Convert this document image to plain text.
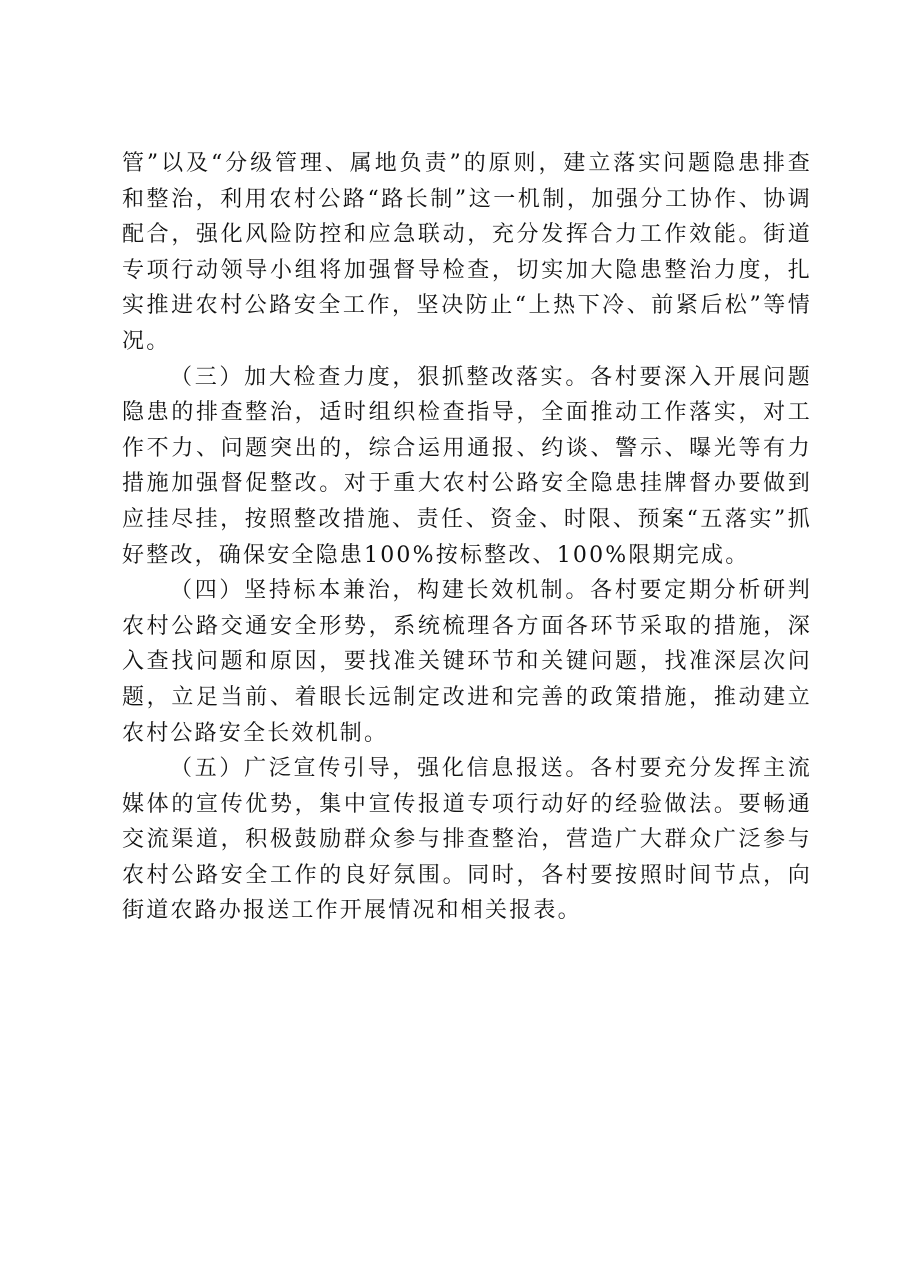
管”以及“分级管理、属地负责”的原则，建立落实问题隐患排查和整治，利用农村公路“路长制”这一机制，加强分工协作、协调配合，强化风险防控和应急联动，充分发挥合力工作效能。街道专项行动领导小组将加强督导检查，切实加大隐患整治力度，扎实推进农村公路安全工作，坚决防止“上热下冷、前紧后松”等情况。

（三）加大检查力度，狠抓整改落实。各村要深入开展问题隐患的排查整治，适时组织检查指导，全面推动工作落实，对工作不力、问题突出的，综合运用通报、约谈、警示、曝光等有力措施加强督促整改。对于重大农村公路安全隐患挂牌督办要做到应挂尽挂，按照整改措施、责任、资金、时限、预案“五落实”抓好整改，确保安全隐患100%按标整改、100%限期完成。

（四）坚持标本兼治，构建长效机制。各村要定期分析研判农村公路交通安全形势，系统梳理各方面各环节采取的措施，深入查找问题和原因，要找准关键环节和关键问题，找准深层次问题，立足当前、着眼长远制定改进和完善的政策措施，推动建立农村公路安全长效机制。

（五）广泛宣传引导，强化信息报送。各村要充分发挥主流媒体的宣传优势，集中宣传报道专项行动好的经验做法。要畅通交流渠道，积极鼓励群众参与排查整治，营造广大群众广泛参与农村公路安全工作的良好氛围。同时，各村要按照时间节点，向街道农路办报送工作开展情况和相关报表。
